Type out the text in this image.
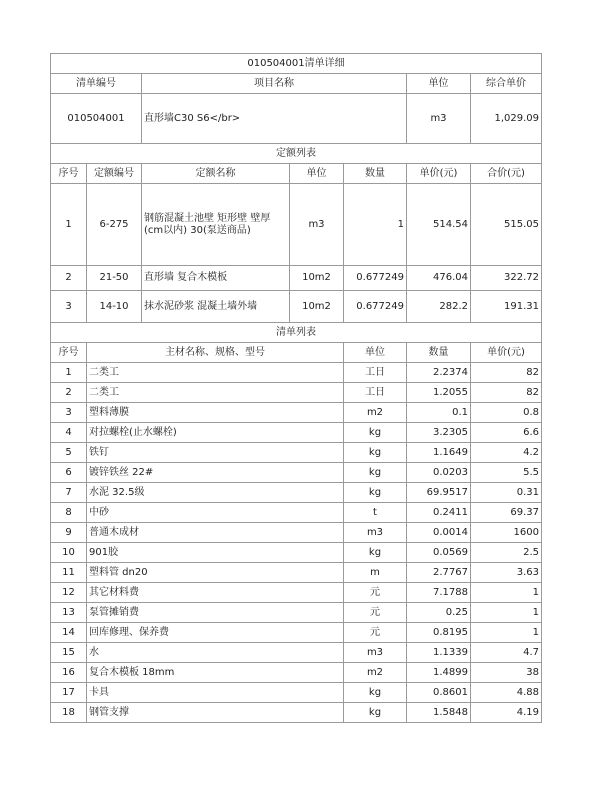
010504001清单详细							
清单编号		项目名称			单位	综合单价	
010504001		直形墙C30 S6</br>			m3	1,029.09	
定额列表							
序号	定额编号	定额名称	单位	数量	单价(元)	合价(元)	
1	6-275	钢筋混凝土池壁 矩形壁 壁厚(cm以内) 30(泵送商品)	m3	1	514.54	515.05	
2	21-50	直形墙 复合木模板	10m2	0.677249	476.04	322.72	
3	14-10	抹水泥砂浆 混凝土墙外墙	10m2	0.677249	282.2	191.31	
清单列表							
序号	主材名称、规格、型号			单位	数量	单价(元)	
1	二类工			工日	2.2374	82	
2	二类工			工日	1.2055	82	
3	塑料薄膜			m2	0.1	0.8	
4	对拉螺栓(止水螺栓)			kg	3.2305	6.6	
5	铁钉			kg	1.1649	4.2	
6	镀锌铁丝 22#			kg	0.0203	5.5	
7	水泥 32.5级			kg	69.9517	0.31	
8	中砂			t	0.2411	69.37	
9	普通木成材			m3	0.0014	1600	
10	901胶			kg	0.0569	2.5	
11	塑料管 dn20			m	2.7767	3.63	
12	其它材料费			元	7.1788	1	
13	泵管摊销费			元	0.25	1	
14	回库修理、保养费			元	0.8195	1	
15	水			m3	1.1339	4.7	
16	复合木模板 18mm			m2	1.4899	38	
17	卡具			kg	0.8601	4.88	
18	钢管支撑			kg	1.5848	4.19	
